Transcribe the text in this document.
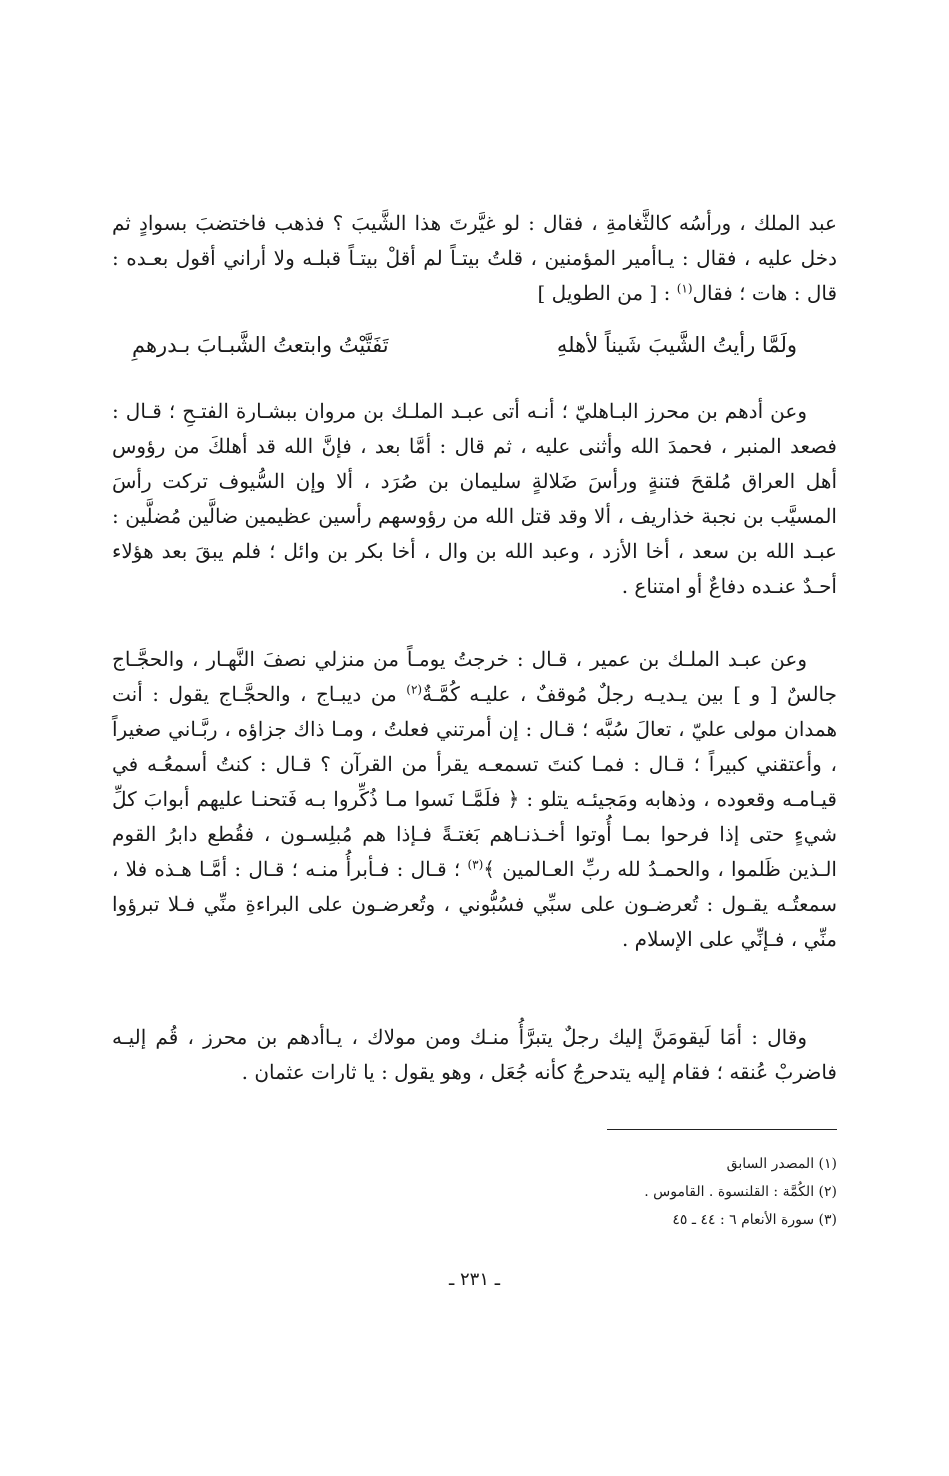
عبد الملك ، ورأسُه كالثَّغامةِ ، فقال : لو غيَّرتَ هذا الشَّيبَ ؟ فذهب فاختضبَ بسوادٍ ثم دخل عليه ، فقال : يـاأمير المؤمنين ، قلتُ بيتـاً لم أقلْ بيتـاً قبلـه ولا أراني أقول بعـده : قال : هات ؛ فقال$^{(١)}$ : [ من الطويل ]

ولَمَّا رأيتُ الشَّيبَ شَيناً لأهلهِ
تَفَتَّيْتُ وابتعتُ الشَّبـابَ بـدرهمِ

وعن أدهم بن محرز البـاهليّ ؛ أنـه أتى عبـد الملـك بن مروان ببشـارة الفتـحِ ؛ قـال : فصعد المنبر ، فحمدَ الله وأثنى عليه ، ثم قال : أمَّا بعد ، فإنَّ الله قد أهلكَ من رؤوس أهل العراق مُلقحَ فتنةٍ ورأسَ ضَلالةٍ سليمان بن صُرَد ، ألا وإن السُّيوف تركت رأسَ المسيَّب بن نجبة خذاريف ، ألا وقد قتل الله من رؤوسهم رأسين عظيمين ضالَّين مُضلَّين : عبـد الله بن سعد ، أخا الأزد ، وعبد الله بن وال ، أخا بكر بن وائل ؛ فلم يبقَ بعد هؤلاء أحـدٌ عنـده دفاعٌ أو امتناع .

وعن عبـد الملـك بن عمير ، قـال : خرجتُ يومـاً من منزلي نصفَ النَّهـار ، والحجَّـاج جالسٌ [ و ] بين يـديـه رجلٌ مُوقفٌ ، عليـه كُمَّـةٌ$^{(٢)}$ من ديبـاج ، والحجَّـاج يقول : أنت همدان مولى عليّ ، تعالَ سُبَّه ؛ قـال : إن أمرتني فعلتُ ، ومـا ذاك جزاؤه ، ربَّـاني صغيراً ، وأعتقني كبيراً ؛ قـال : فمـا كنتَ تسمعـه يقرأ من القرآن ؟ قـال : كنتُ أسمعُـه في قيـامـه وقعوده ، وذهابه ومَجيئـه يتلو : ﴿ فلَمَّـا نَسوا مـا ذُكِّروا بـه فَتحنـا عليهم أبوابَ كلِّ شيءٍ حتى إذا فرحوا بمـا أُوتوا أخـذنـاهم بَغتـةً فـإذا هم مُبلِسـون ، فقُطع دابرُ القوم الـذين ظَلموا ، والحمـدُ لله ربِّ العـالمين ﴾$^{(٣)}$ ؛ قـال : فـأبرأُ منـه ؛ قـال : أمَّـا هـذه فلا ، سمعتُـه يقـول : تُعرضـون على سبِّي فسُبُّوني ، وتُعرضـون على البراءةِ منِّي فـلا تبرؤوا منِّي ، فـإنِّي على الإسلام .

وقال : أمَا لَيقومَنَّ إليك رجلٌ يتبرَّأُ منـك ومن مولاك ، يـاأدهم بن محرز ، قُم إليـه فاضربْ عُنقه ؛ فقام إليه يتدحرجُ كأنه جُعَل ، وهو يقول : يا ثارات عثمان .

(١) المصدر السابق
(٢) الكُمَّة : القلنسوة . القاموس .
(٣) سورة الأنعام ٦ : ٤٤ ـ ٤٥
ـ ٢٣١ ـ
